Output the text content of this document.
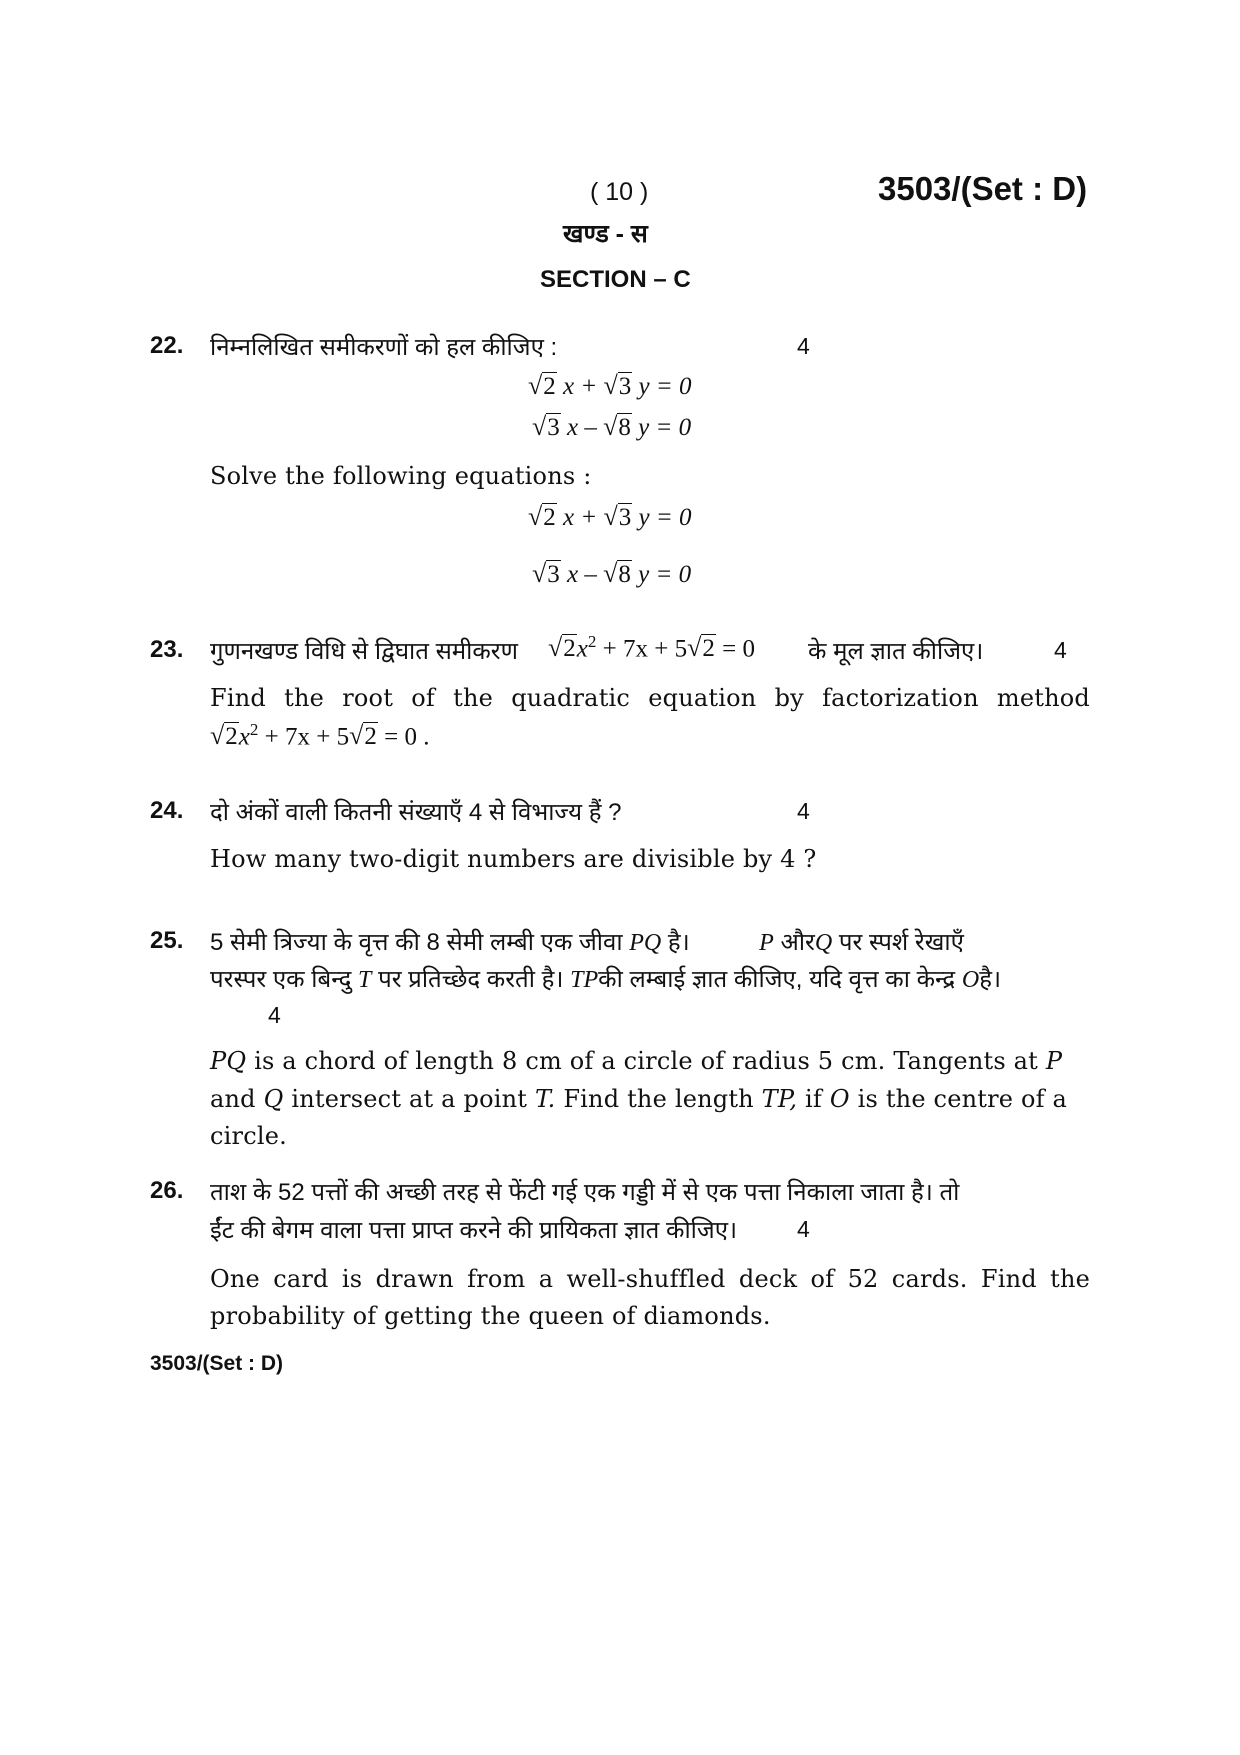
( 10 )	3503/(Set : D)
खण्ड - स
SECTION – C
22. निम्नलिखित समीकरणों को हल कीजिए :	4
√2 x + √3 y = 0
√3 x – √8 y = 0
Solve the following equations :
√2 x + √3 y = 0
√3 x – √8 y = 0
23. गुणनखण्ड विधि से द्विघात समीकरण $√2x^2 + 7x + 5√2 = 0$ के मूल ज्ञात कीजिए।	4
Find the root of the quadratic equation by factorization method
$√2x^2 + 7x + 5√2 = 0$ .
24. दो अंकों वाली कितनी संख्याएँ 4 से विभाज्य हैं ?	4
How many two-digit numbers are divisible by 4 ?
25. 5 सेमी त्रिज्या के वृत्त की 8 सेमी लम्बी एक जीवा PQ है।	P औरQ पर स्पर्श रेखाएँ
परस्पर एक बिन्दु T पर प्रतिच्छेद करती है। TPकी लम्बाई ज्ञात कीजिए, यदि वृत्त का केन्द्र Oहै।
4
PQ is a chord of length 8 cm of a circle of radius 5 cm. Tangents at P
and Q intersect at a point T. Find the length TP, if O is the centre of a
circle.
26. ताश के 52 पत्तों की अच्छी तरह से फेंटी गई एक गड्डी में से एक पत्ता निकाला जाता है। तो
ईंट की बेगम वाला पत्ता प्राप्त करने की प्रायिकता ज्ञात कीजिए।	4
One card is drawn from a well-shuffled deck of 52 cards. Find the
probability of getting the queen of diamonds.
3503/(Set : D)
